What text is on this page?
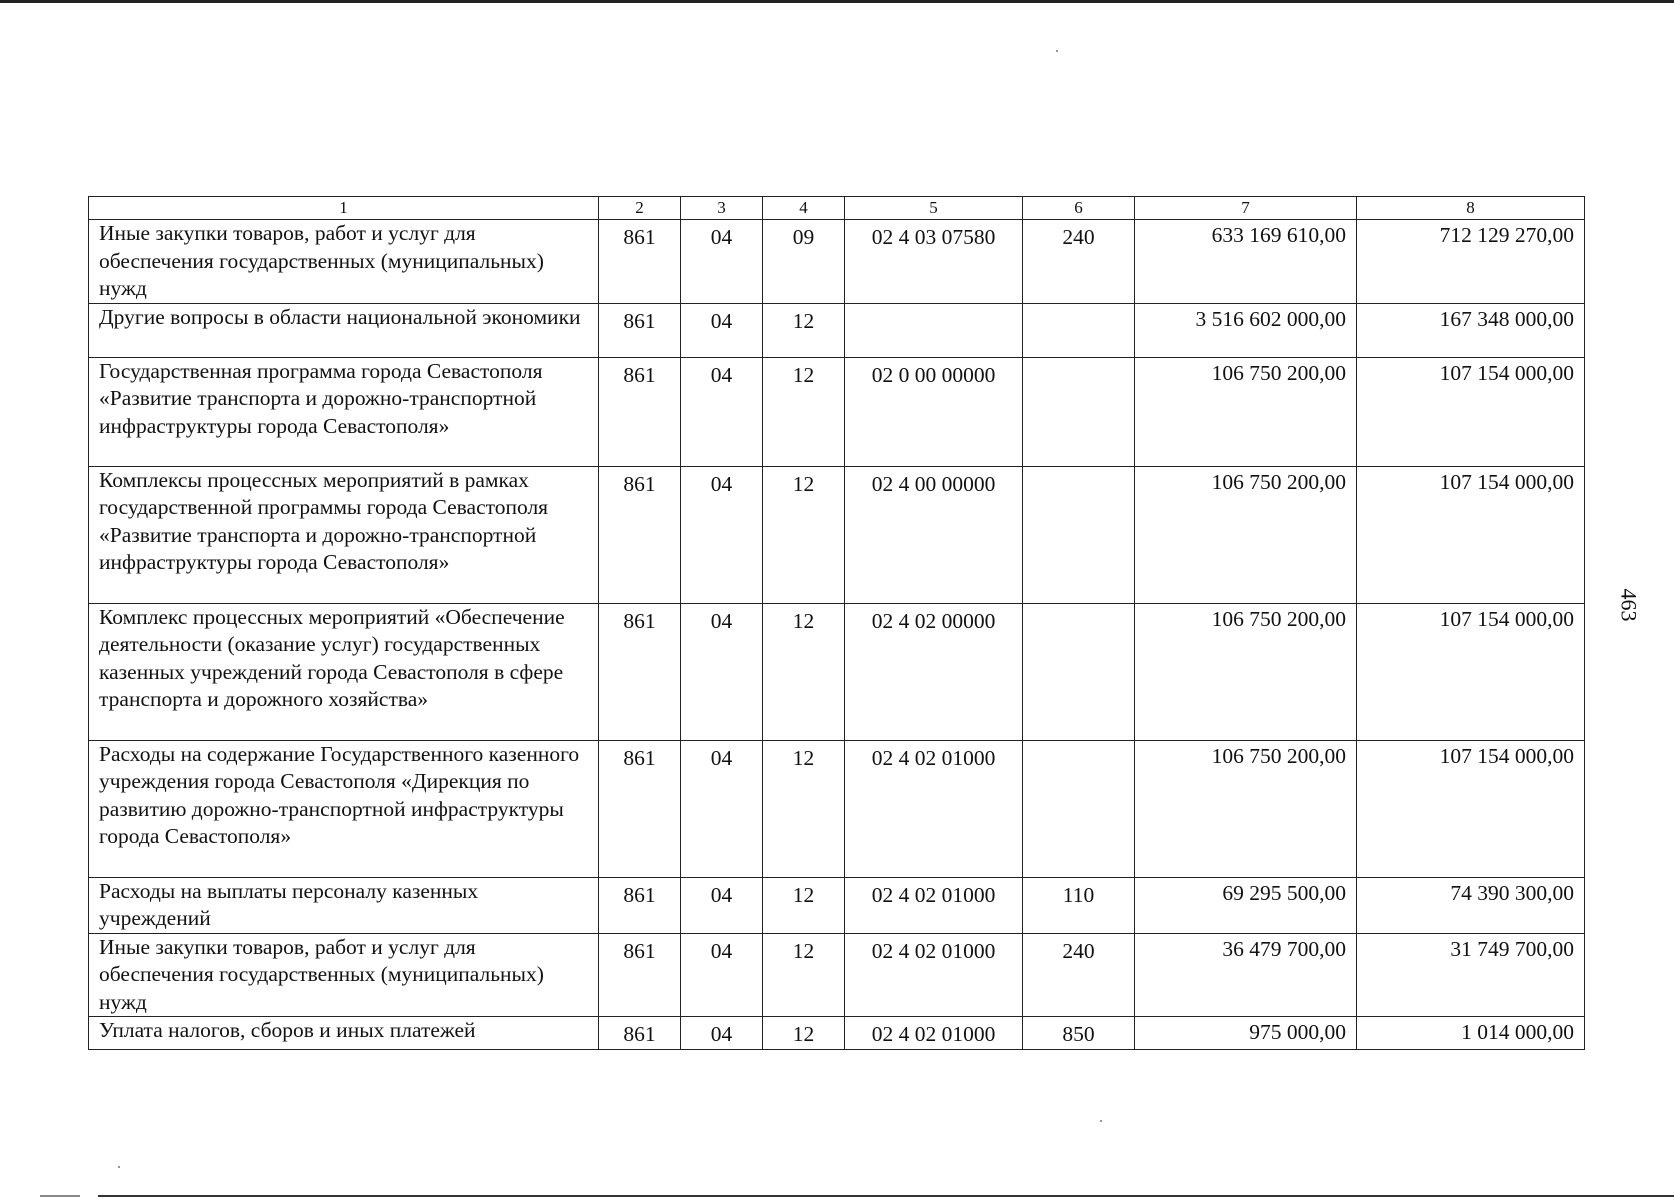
463
1	2	3	4	5	6	7	8
Иные закупки товаров, работ и услуг для обеспечения государственных (муниципальных) нужд	861	04	09	02 4 03 07580	240	633 169 610,00	712 129 270,00
Другие вопросы в области национальной экономики	861	04	12			3 516 602 000,00	167 348 000,00
Государственная программа города Севастополя «Развитие транспорта и дорожно-транспортной инфраструктуры города Севастополя»	861	04	12	02 0 00 00000		106 750 200,00	107 154 000,00
Комплексы процессных мероприятий в рамках государственной программы города Севастополя «Развитие транспорта и дорожно-транспортной инфраструктуры города Севастополя»	861	04	12	02 4 00 00000		106 750 200,00	107 154 000,00
Комплекс процессных мероприятий «Обеспечение деятельности (оказание услуг) государственных казенных учреждений города Севастополя в сфере транспорта и дорожного хозяйства»	861	04	12	02 4 02 00000		106 750 200,00	107 154 000,00
Расходы на содержание Государственного казенного учреждения города Севастополя «Дирекция по развитию дорожно-транспортной инфраструктуры города Севастополя»	861	04	12	02 4 02 01000		106 750 200,00	107 154 000,00
Расходы на выплаты персоналу казенных учреждений	861	04	12	02 4 02 01000	110	69 295 500,00	74 390 300,00
Иные закупки товаров, работ и услуг для обеспечения государственных (муниципальных) нужд	861	04	12	02 4 02 01000	240	36 479 700,00	31 749 700,00
Уплата налогов, сборов и иных платежей	861	04	12	02 4 02 01000	850	975 000,00	1 014 000,00
